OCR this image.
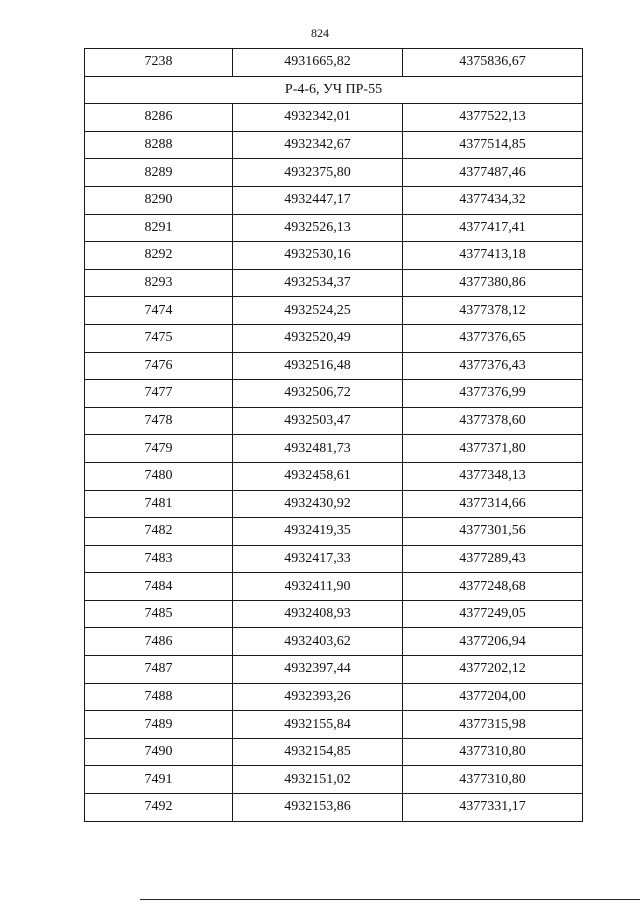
824
7238	4931665,82	4375836,67
Р-4-6, УЧ ПР-55		
8286	4932342,01	4377522,13
8288	4932342,67	4377514,85
8289	4932375,80	4377487,46
8290	4932447,17	4377434,32
8291	4932526,13	4377417,41
8292	4932530,16	4377413,18
8293	4932534,37	4377380,86
7474	4932524,25	4377378,12
7475	4932520,49	4377376,65
7476	4932516,48	4377376,43
7477	4932506,72	4377376,99
7478	4932503,47	4377378,60
7479	4932481,73	4377371,80
7480	4932458,61	4377348,13
7481	4932430,92	4377314,66
7482	4932419,35	4377301,56
7483	4932417,33	4377289,43
7484	4932411,90	4377248,68
7485	4932408,93	4377249,05
7486	4932403,62	4377206,94
7487	4932397,44	4377202,12
7488	4932393,26	4377204,00
7489	4932155,84	4377315,98
7490	4932154,85	4377310,80
7491	4932151,02	4377310,80
7492	4932153,86	4377331,17
